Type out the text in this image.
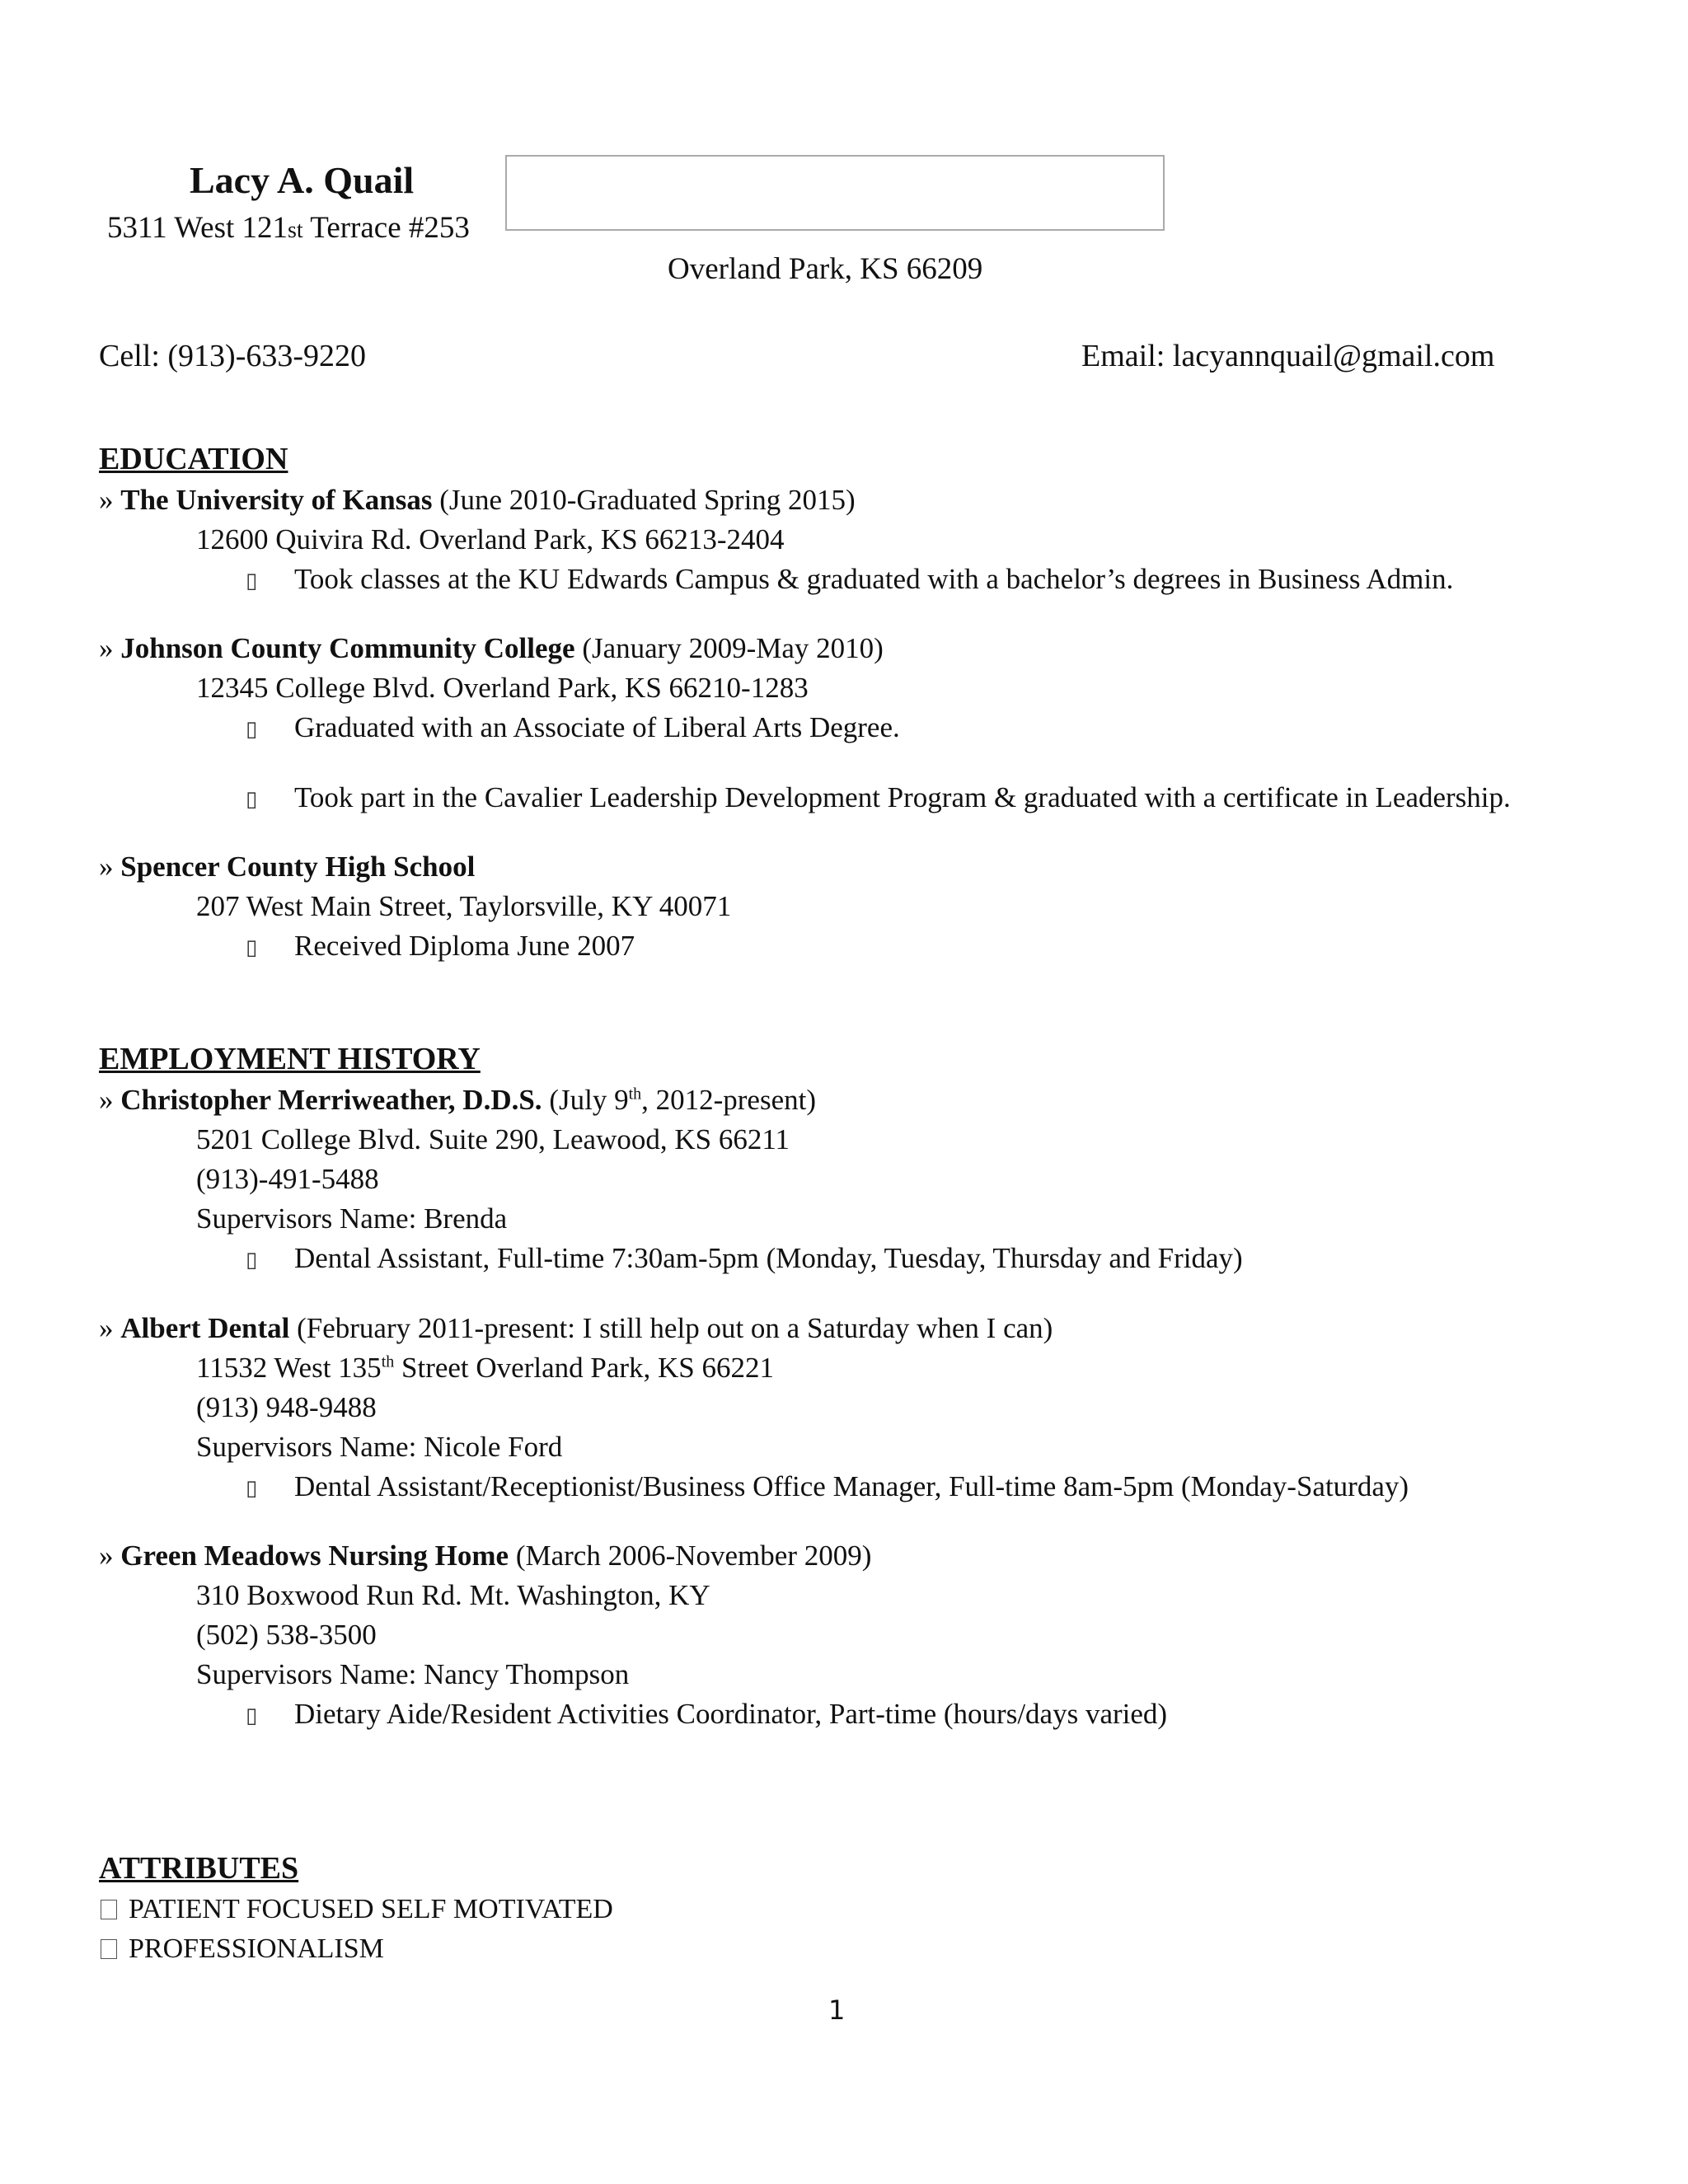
Lacy A. Quail
5311 West 121st Terrace #253
Overland Park, KS 66209
Cell: (913)-633-9220	Email: lacyannquail@gmail.com
EDUCATION
» The University of Kansas (June 2010-Graduated Spring 2015)
12600 Quivira Rd. Overland Park, KS 66213-2404
▯ Took classes at the KU Edwards Campus & graduated with a bachelor’s degrees in Business Admin.
» Johnson County Community College (January 2009-May 2010)
12345 College Blvd. Overland Park, KS 66210-1283
▯ Graduated with an Associate of Liberal Arts Degree.
▯ Took part in the Cavalier Leadership Development Program & graduated with a certificate in Leadership.
» Spencer County High School
207 West Main Street, Taylorsville, KY 40071
▯ Received Diploma June 2007
EMPLOYMENT HISTORY
» Christopher Merriweather, D.D.S. (July 9th, 2012-present)
5201 College Blvd. Suite 290, Leawood, KS 66211
(913)-491-5488
Supervisors Name: Brenda
▯ Dental Assistant, Full-time 7:30am-5pm (Monday, Tuesday, Thursday and Friday)
» Albert Dental (February 2011-present: I still help out on a Saturday when I can)
11532 West 135th Street Overland Park, KS 66221
(913) 948-9488
Supervisors Name: Nicole Ford
▯ Dental Assistant/Receptionist/Business Office Manager, Full-time 8am-5pm (Monday-Saturday)
» Green Meadows Nursing Home (March 2006-November 2009)
310 Boxwood Run Rd. Mt. Washington, KY
(502) 538-3500
Supervisors Name: Nancy Thompson
▯ Dietary Aide/Resident Activities Coordinator, Part-time (hours/days varied)
ATTRIBUTES
PATIENT FOCUSED SELF MOTIVATED
PROFESSIONALISM
1
